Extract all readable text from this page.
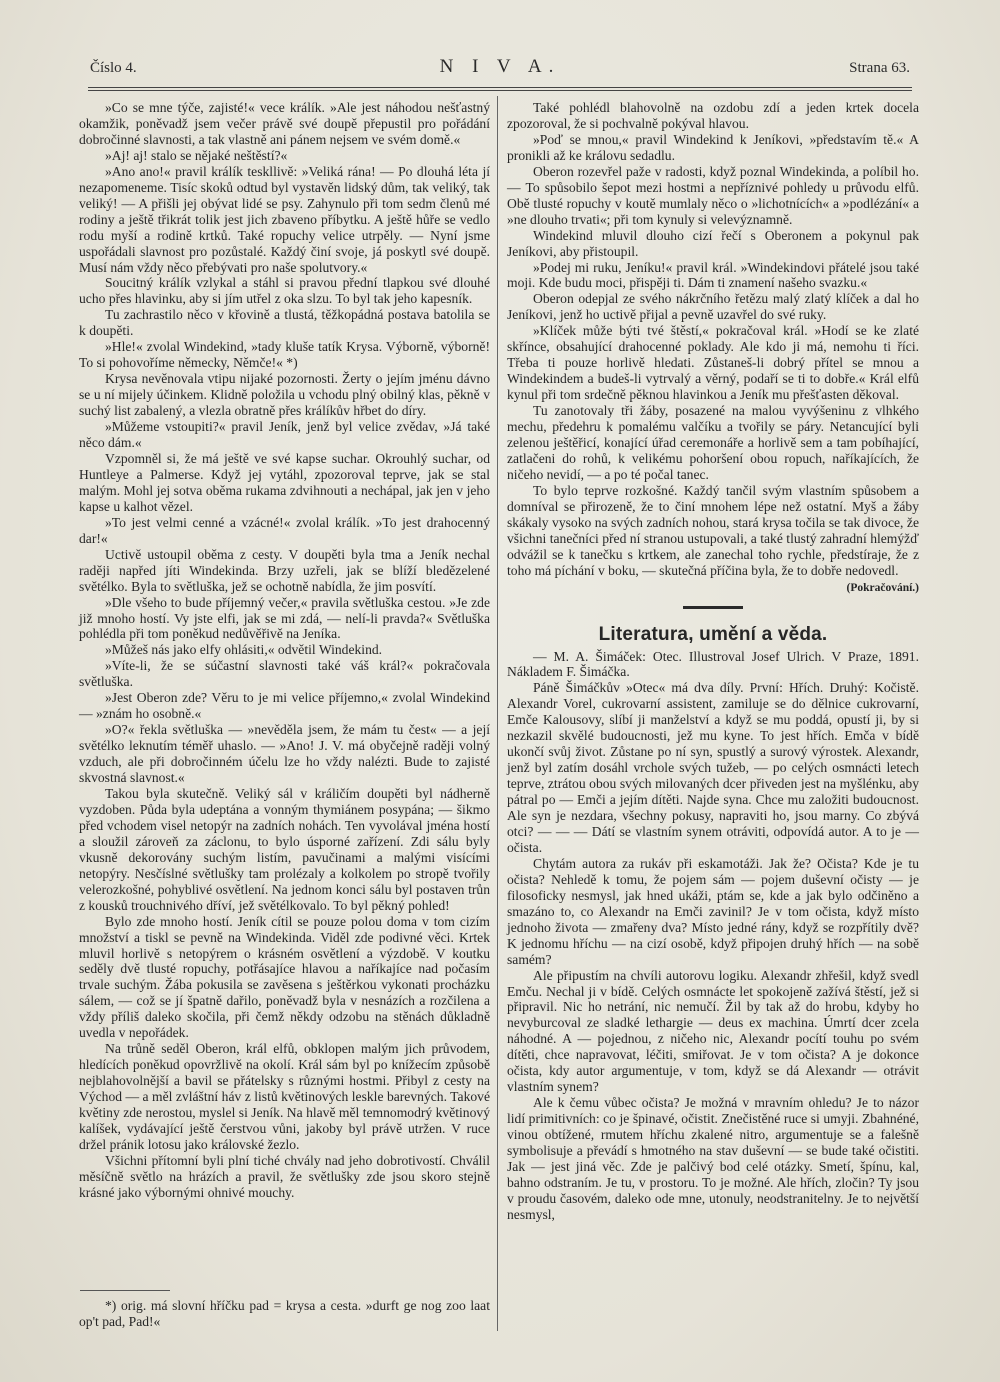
Číslo 4.	N I V A.	Strana 63.

»Co se mne týče, zajisté!« vece králík. »Ale jest náhodou nešťastný okamžik, poněvadž jsem večer právě své doupě přepustil pro pořádání dobročinné slavnosti, a tak vlastně ani pánem nejsem ve svém domě.«

»Aj! aj! stalo se nějaké neštěstí?«

»Ano ano!« pravil králík teskllivě: »Veliká rána! — Po dlouhá léta jí nezapomeneme. Tisíc skoků odtud byl vystavěn lidský dům, tak veliký, tak veliký! — A přišli jej obývat lidé se psy. Zahynulo při tom sedm členů mé rodiny a ještě třikrát tolik jest jich zbaveno příbytku. A ještě hůře se vedlo rodu myší a rodině krtků. Také ropuchy velice utrpěly. — Nyní jsme uspořádali slavnost pro pozůstalé. Každý činí svoje, já poskytl své doupě. Musí nám vždy něco přebývati pro naše spolutvory.«

Soucitný králík vzlykal a stáhl si pravou přední tlapkou své dlouhé ucho přes hlavinku, aby si jím utřel z oka slzu. To byl tak jeho kapesník.

Tu zachrastilo něco v křovině a tlustá, těžkopádná postava batolila se k doupěti.

»Hle!« zvolal Windekind, »tady kluše tatík Krysa. Výborně, výborně! To si pohovoříme německy, Němče!« *)

Krysa nevěnovala vtipu nijaké pozornosti. Žerty o jejím jménu dávno se u ní mijely účinkem. Klidně položila u vchodu plný obilný klas, pěkně v suchý list zabalený, a vlezla obratně přes králíkův hřbet do díry.

»Můžeme vstoupiti?« pravil Jeník, jenž byl velice zvědav, »Já také něco dám.«

Vzpomněl si, že má ještě ve své kapse suchar. Okrouhlý suchar, od Huntleye a Palmerse. Když jej vytáhl, zpozoroval teprve, jak se stal malým. Mohl jej sotva oběma rukama zdvihnouti a nechápal, jak jen v jeho kapse u kalhot vězel.

»To jest velmi cenné a vzácné!« zvolal králík. »To jest drahocenný dar!«

Uctivě ustoupil oběma z cesty. V doupěti byla tma a Jeník nechal raději napřed jíti Windekinda. Brzy uzřeli, jak se blíží bledězelené světélko. Byla to světluška, jež se ochotně nabídla, že jim posvítí.

»Dle všeho to bude příjemný večer,« pravila světluška cestou. »Je zde již mnoho hostí. Vy jste elfi, jak se mi zdá, — nelí-li pravda?« Světluška pohlédla při tom poněkud nedůvěřivě na Jeníka.

»Můžeš nás jako elfy ohlásiti,« odvětil Windekind.

»Víte-li, že se súčastní slavnosti také váš král?« pokračovala světluška.

»Jest Oberon zde? Věru to je mi velice příjemno,« zvolal Windekind — »znám ho osobně.«

»O?« řekla světluška — »nevěděla jsem, že mám tu čest« — a její světélko leknutím téměř uhaslo. — »Ano! J. V. má obyčejně raději volný vzduch, ale při dobročinném účelu lze ho vždy nalézti. Bude to zajisté skvostná slavnost.«

Takou byla skutečně. Veliký sál v králičím doupěti byl nádherně vyzdoben. Půda byla udeptána a vonným thymiánem posypána; — šikmo před vchodem visel netopýr na zadních nohách. Ten vyvolával jména hostí a sloužil zároveň za záclonu, to bylo úsporné zařízení. Zdi sálu byly vkusně dekorovány suchým listím, pavučinami a malými visícími netopýry. Nesčíslné světlušky tam prolézaly a kolkolem po stropě tvořily velerozkošné, pohyblivé osvětlení. Na jednom konci sálu byl postaven trůn z kousků trouchnivého dříví, jež světélkovalo. To byl pěkný pohled!

Bylo zde mnoho hostí. Jeník cítil se pouze polou doma v tom cizím množství a tiskl se pevně na Windekinda. Viděl zde podivné věci. Krtek mluvil horlivě s netopýrem o krásném osvětlení a výzdobě. V koutku seděly dvě tlusté ropuchy, potřásajíce hlavou a naříkajíce nad počasím trvale suchým. Žába pokusila se zavěsena s ještěrkou vykonati procházku sálem, — což se jí špatně dařilo, poněvadž byla v nesnázích a rozčilena a vždy příliš daleko skočila, při čemž někdy odzobu na stěnách důkladně uvedla v nepořádek.

Na trůně seděl Oberon, král elfů, obklopen malým jich průvodem, hledících poněkud opovržlivě na okolí. Král sám byl po knížecím způsobě nejblahovolnější a bavil se přátelsky s různými hostmi. Přibyl z cesty na Východ — a měl zvláštní háv z listů květinových leskle barevných. Takové květiny zde nerostou, myslel si Jeník. Na hlavě měl temnomodrý květinový kalíšek, vydávající ještě čerstvou vůni, jakoby byl právě utržen. V ruce držel pránik lotosu jako královské žezlo.

Všichni přítomní byli plní tiché chvály nad jeho dobrotivostí. Chválil měsíčně světlo na hrázích a pravil, že světlušky zde jsou skoro stejně krásné jako výbornými ohnivé mouchy.

*) orig. má slovní hříčku pad = krysa a cesta. »durft ge nog zoo laat op't pad, Pad!«

Také pohlédl blahovolně na ozdobu zdí a jeden krtek docela zpozoroval, že si pochvalně pokýval hlavou.

»Poď se mnou,« pravil Windekind k Jeníkovi, »představím tě.« A pronikli až ke královu sedadlu.

Oberon rozevřel paže v radosti, když poznal Windekinda, a políbil ho. — To spůsobilo šepot mezi hostmi a nepříznivé pohledy u průvodu elfů. Obě tlusté ropuchy v koutě mumlaly něco o »lichotnících« a »podlézání« a »ne dlouho trvati«; při tom kynuly si velevýznamně.

Windekind mluvil dlouho cizí řečí s Oberonem a pokynul pak Jeníkovi, aby přistoupil.

»Podej mi ruku, Jeníku!« pravil král. »Windekindovi přátelé jsou také moji. Kde budu moci, přispěji ti. Dám ti znamení našeho svazku.«

Oberon odepjal ze svého nákrčního řetězu malý zlatý klíček a dal ho Jeníkovi, jenž ho uctivě přijal a pevně uzavřel do své ruky.

»Klíček může býti tvé štěstí,« pokračoval král. »Hodí se ke zlaté skřínce, obsahující drahocenné poklady. Ale kdo ji má, nemohu ti říci. Třeba ti pouze horlivě hledati. Zůstaneš-li dobrý přítel se mnou a Windekindem a budeš-li vytrvalý a věrný, podaří se ti to dobře.« Král elfů kynul při tom srdečně pěknou hlavinkou a Jeník mu přešťasten děkoval.

Tu zanotovaly tři žáby, posazené na malou vyvýšeninu z vlhkého mechu, předehru k pomalému valčíku a tvořily se páry. Netancující byli zelenou ještěřicí, konající úřad ceremonáře a horlivě sem a tam pobíhající, zatlačeni do rohů, k velikému pohoršení obou ropuch, naříkajících, že ničeho nevidí, — a po té počal tanec.

To bylo teprve rozkošné. Každý tančil svým vlastním spůsobem a domníval se přirozeně, že to činí mnohem lépe než ostatní. Myš a žáby skákaly vysoko na svých zadních nohou, stará krysa točila se tak divoce, že všichni tanečníci před ní stranou ustupovali, a také tlustý zahradní hlemýžď odvážil se k tanečku s krtkem, ale zanechal toho rychle, předstíraje, že z toho má píchání v boku, — skutečná příčina byla, že to dobře nedovedl.

(Pokračování.)
Literatura, umění a věda.

— M. A. Šimáček: Otec. Illustroval Josef Ulrich. V Praze, 1891. Nákladem F. Šimáčka.

Páně Šimáčkův »Otec« má dva díly. První: Hřích. Druhý: Kočistě. Alexandr Vorel, cukrovarní assistent, zamiluje se do dělnice cukrovarní, Emče Kalousovy, slíbí ji manželství a když se mu poddá, opustí ji, by si nezkazil skvělé budoucnosti, jež mu kyne. To jest hřích. Emča v bídě ukončí svůj život. Zůstane po ní syn, spustlý a surový výrostek. Alexandr, jenž byl zatím dosáhl vrchole svých tužeb, — po celých osmnácti letech teprve, ztrátou obou svých milovaných dcer přiveden jest na myšlénku, aby pátral po — Emči a jejím dítěti. Najde syna. Chce mu založiti budoucnost. Ale syn je nezdara, všechny pokusy, napraviti ho, jsou marny. Co zbývá otci? — — — Dátí se vlastním synem otráviti, odpovídá autor. A to je — očista.

Chytám autora za rukáv při eskamotáži. Jak že? Očista? Kde je tu očista? Nehledě k tomu, že pojem sám — pojem duševní očisty — je filosoficky nesmysl, jak hned ukáži, ptám se, kde a jak bylo odčiněno a smazáno to, co Alexandr na Emči zavinil? Je v tom očista, když místo jednoho života — zmařeny dva? Místo jedné rány, když se rozpřítily dvě? K jednomu hříchu — na cizí osobě, když připojen druhý hřích — na sobě samém?

Ale připustím na chvíli autorovu logiku. Alexandr zhřešil, když svedl Emču. Nechal ji v bídě. Celých osmnácte let spokojeně zažívá štěstí, jež si připravil. Nic ho netrání, nic nemučí. Žil by tak až do hrobu, kdyby ho nevyburcoval ze sladké lethargie — deus ex machina. Úmrtí dcer zcela náhodné. A — pojednou, z ničeho nic, Alexandr pocítí touhu po svém dítěti, chce napravovat, léčiti, smiřovat. Je v tom očista? A je dokonce očista, kdy autor argumentuje, v tom, když se dá Alexandr — otrávit vlastním synem?

Ale k čemu vůbec očista? Je možná v mravním ohledu? Je to názor lidí primitivních: co je špinavé, očistit. Znečistěné ruce si umyji. Zbahnéné, vinou obtížené, rmutem hříchu zkalené nitro, argumentuje se a falešně symbolisuje a převádí s hmotného na stav duševní — se bude také očistiti. Jak — jest jiná věc. Zde je palčivý bod celé otázky. Smetí, špínu, kal, bahno odstraním. Je tu, v prostoru. To je možné. Ale hřích, zločin? Ty jsou v proudu časovém, daleko ode mne, utonuly, neodstranitelny. Je to největší nesmysl,
